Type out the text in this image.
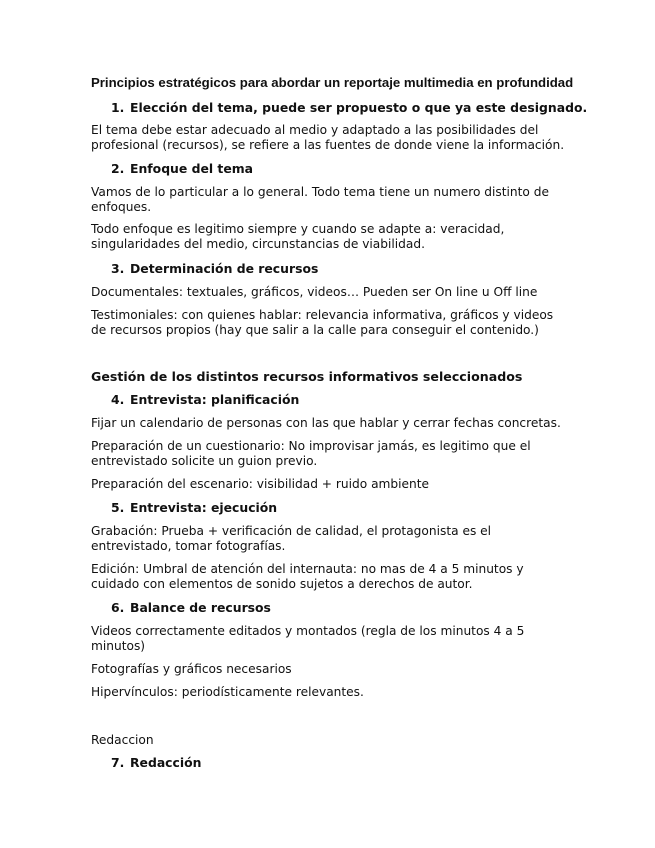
Principios estratégicos para abordar un reportaje multimedia en profundidad
1. Elección del tema, puede ser propuesto o que ya este designado.

El tema debe estar adecuado al medio y adaptado a las posibilidades del profesional (recursos), se refiere a las fuentes de donde viene la información.

2. Enfoque del tema

Vamos de lo particular a lo general. Todo tema tiene un numero distinto de enfoques.

Todo enfoque es legitimo siempre y cuando se adapte a: veracidad, singularidades del medio, circunstancias de viabilidad.

3. Determinación de recursos

Documentales: textuales, gráficos, videos… Pueden ser On line u Off line

Testimoniales: con quienes hablar: relevancia informativa, gráficos y videos de recursos propios (hay que salir a la calle para conseguir el contenido.)

Gestión de los distintos recursos informativos seleccionados
4. Entrevista: planificación

Fijar un calendario de personas con las que hablar y cerrar fechas concretas.

Preparación de un cuestionario: No improvisar jamás, es legitimo que el entrevistado solicite un guion previo.

Preparación del escenario: visibilidad + ruido ambiente

5. Entrevista: ejecución

Grabación: Prueba + verificación de calidad, el protagonista es el entrevistado, tomar fotografías.

Edición: Umbral de atención del internauta: no mas de 4 a 5 minutos y cuidado con elementos de sonido sujetos a derechos de autor.

6. Balance de recursos

Videos correctamente editados y montados (regla de los minutos 4 a 5 minutos)

Fotografías y gráficos necesarios

Hipervínculos: periodísticamente relevantes.

Redaccion
7. Redacción
